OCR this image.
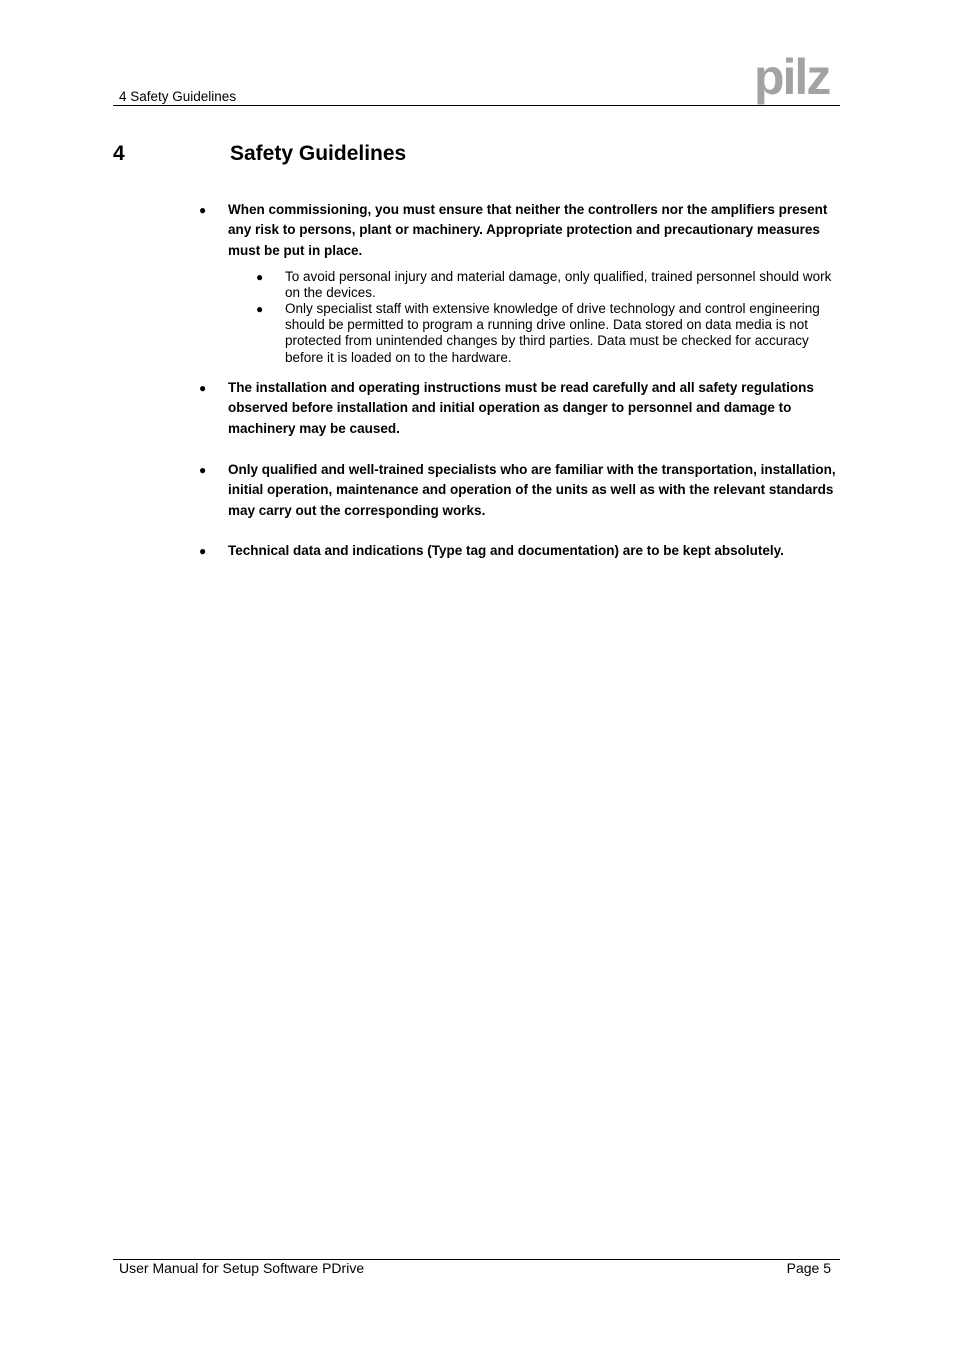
4 Safety Guidelines	pilz
4	Safety Guidelines
● When commissioning, you must ensure that neither the controllers nor the amplifiers present any risk to persons, plant or machinery. Appropriate protection and precautionary measures must be put in place.
● To avoid personal injury and material damage, only qualified, trained personnel should work on the devices.
● Only specialist staff with extensive knowledge of drive technology and control engineering should be permitted to program a running drive online. Data stored on data media is not protected from unintended changes by third parties. Data must be checked for accuracy before it is loaded on to the hardware.
● The installation and operating instructions must be read carefully and all safety regulations observed before installation and initial operation as danger to personnel and damage to machinery may be caused.
● Only qualified and well-trained specialists who are familiar with the transportation, installation, initial operation, maintenance and operation of the units as well as with the relevant standards may carry out the corresponding works.
● Technical data and indications (Type tag and documentation) are to be kept absolutely.
User Manual for Setup Software PDrive	Page 5
